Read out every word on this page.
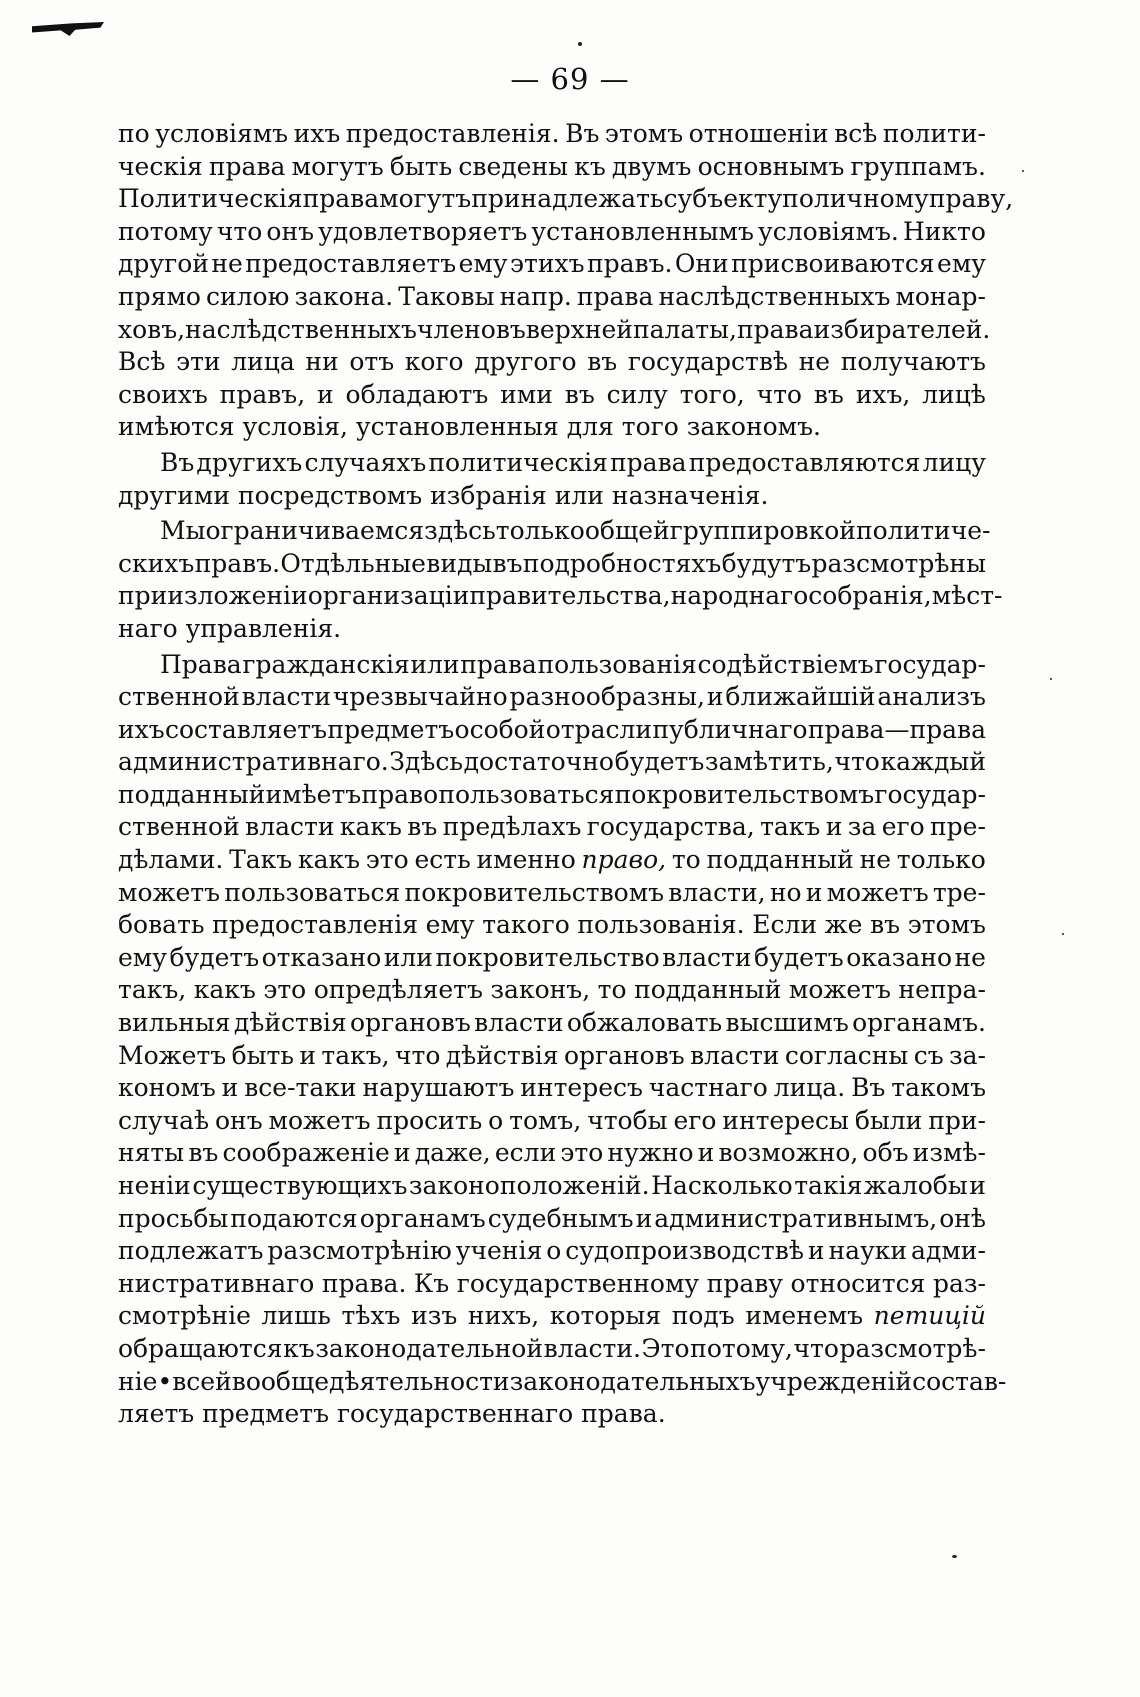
— 69 —
по условіямъ ихъ предоставленія. Въ этомъ отношеніи всѣ полити-
ческія права могутъ быть сведены къ двумъ основнымъ группамъ.
Политическія права могутъ принадлежать субъекту по личному праву,
потому что онъ удовлетворяетъ установленнымъ условіямъ. Никто
другой не предоставляетъ ему этихъ правъ. Они присвоиваются ему
прямо силою закона. Таковы напр. права наслѣдственныхъ монар-
ховъ, наслѣдственныхъ членовъ верхней палаты, права избирателей.
Всѣ эти лица ни отъ кого другого въ государствѣ не получаютъ
своихъ правъ, и обладаютъ ими въ силу того, что въ ихъ, лицѣ
имѣются
условія,
установленныя
для
того
закономъ.
Въ другихъ случаяхъ политическія права предоставляются лицу
другими
посредствомъ
избранія
или
назначенія.
Мы ограничиваемся здѣсь только общей группировкой политиче-
скихъ правъ. Отдѣльные виды въ подробностяхъ будутъ разсмотрѣны
при изложеніи организаціи правительства, народнаго собранія, мѣст-
наго
управленія.
Права гражданскія или права пользованія содѣйствіемъ государ-
ственной власти чрезвычайно разнообразны, и ближайшій анализъ
ихъ составляетъ предметъ особой отрасли публичнаго права—права
административнаго. Здѣсь достаточно будетъ замѣтить, что каждый
подданный имѣетъ право пользоваться покровительствомъ государ-
ственной власти какъ въ предѣлахъ государства, такъ и за его пре-
дѣлами. Такъ какъ это есть именно право, то подданный не только
можетъ пользоваться покровительствомъ власти, но и можетъ тре-
бовать предоставленія ему такого пользованія. Если же въ этомъ
ему будетъ отказано или покровительство власти будетъ оказано не
такъ, какъ это опредѣляетъ законъ, то подданный можетъ непра-
вильныя дѣйствія органовъ власти обжаловать высшимъ органамъ.
Можетъ быть и такъ, что дѣйствія органовъ власти согласны съ за-
кономъ и все-таки нарушаютъ интересъ частнаго лица. Въ такомъ
случаѣ онъ можетъ просить о томъ, чтобы его интересы были при-
няты въ соображеніе и даже, если это нужно и возможно, объ измѣ-
неніи существующихъ законоположеній. Насколько такія жалобы и
просьбы подаются органамъ судебнымъ и административнымъ, онѣ
подлежатъ разсмотрѣнію ученія о судопроизводствѣ и науки адми-
нистративнаго права. Къ государственному праву относится раз-
смотрѣніе лишь тѣхъ изъ нихъ, которыя подъ именемъ петицій
обращаются къ законодательной власти. Это потому, что разсмотрѣ-
ніе• всей вообще дѣятельности законодательныхъ учрежденій состав-
ляетъ
предметъ
государственнаго
права.
